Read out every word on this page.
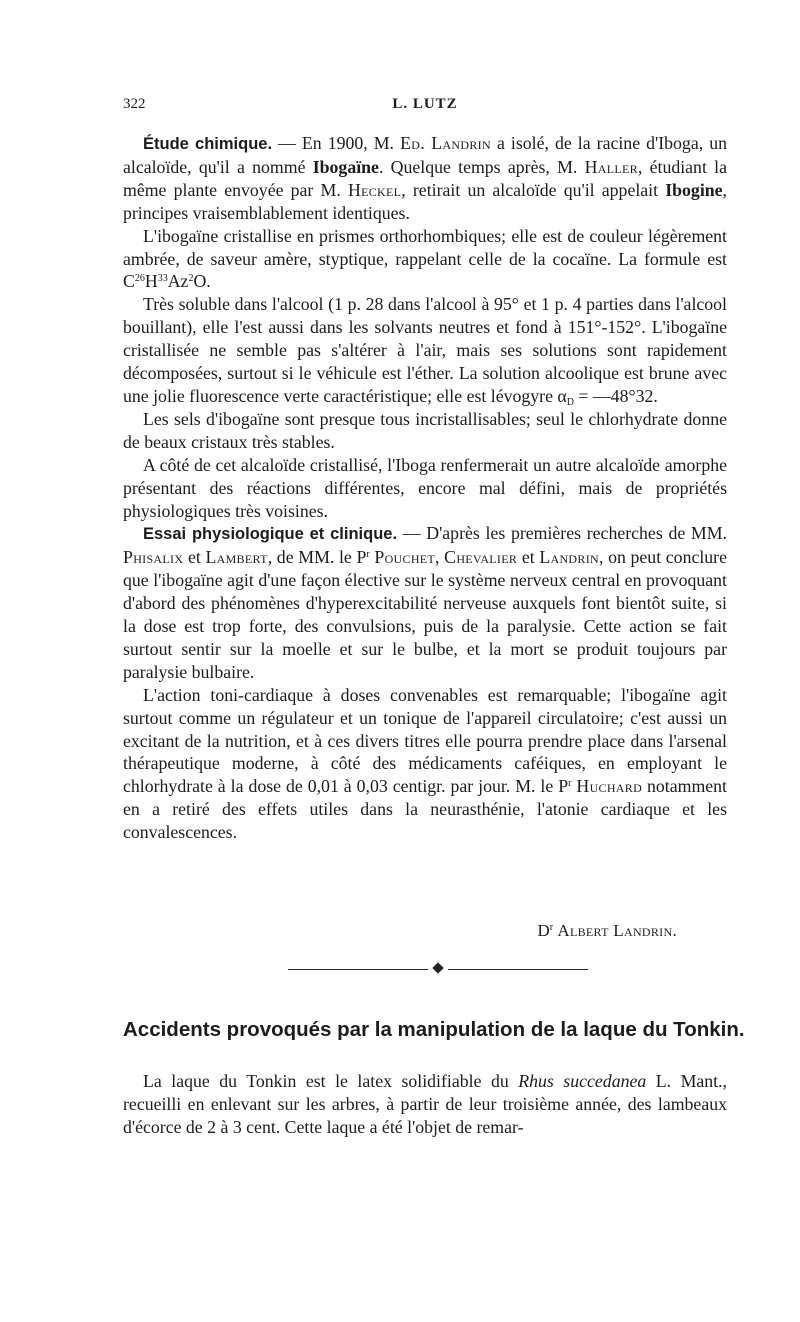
322	L. LUTZ

Étude chimique. — En 1900, M. Ed. Landrin a isolé, de la racine d'Iboga, un alcaloïde, qu'il a nommé Ibogaïne. Quelque temps après, M. Haller, étudiant la même plante envoyée par M. Heckel, retirait un alcaloïde qu'il appelait Ibogine, principes vraisemblablement identiques.

L'ibogaïne cristallise en prismes orthorhombiques; elle est de couleur légèrement ambrée, de saveur amère, styptique, rappelant celle de la cocaïne. La formule est $C^{26}H^{33}Az^2O$.

Très soluble dans l'alcool (1 p. 28 dans l'alcool à 95° et 1 p. 4 parties dans l'alcool bouillant), elle l'est aussi dans les solvants neutres et fond à 151°-152°. L'ibogaïne cristallisée ne semble pas s'altérer à l'air, mais ses solutions sont rapidement décomposées, surtout si le véhicule est l'éther. La solution alcoolique est brune avec une jolie fluorescence verte caractéristique; elle est lévogyre $\alpha_D$ = —48°32.

Les sels d'ibogaïne sont presque tous incristallisables; seul le chlorhydrate donne de beaux cristaux très stables.

A côté de cet alcaloïde cristallisé, l'Iboga renfermerait un autre alcaloïde amorphe présentant des réactions différentes, encore mal défini, mais de propriétés physiologiques très voisines.

Essai physiologique et clinique. — D'après les premières recherches de MM. Phisalix et Lambert, de MM. le $P^r$ Pouchet, Chevalier et Landrin, on peut conclure que l'ibogaïne agit d'une façon élective sur le système nerveux central en provoquant d'abord des phénomènes d'hyperexcitabilité nerveuse auxquels font bientôt suite, si la dose est trop forte, des convulsions, puis de la paralysie. Cette action se fait surtout sentir sur la moelle et sur le bulbe, et la mort se produit toujours par paralysie bulbaire.

L'action toni-cardiaque à doses convenables est remarquable; l'ibogaïne agit surtout comme un régulateur et un tonique de l'appareil circulatoire; c'est aussi un excitant de la nutrition, et à ces divers titres elle pourra prendre place dans l'arsenal thérapeutique moderne, à côté des médicaments caféiques, en employant le chlorhydrate à la dose de 0,01 à 0,03 centigr. par jour. M. le $P^r$ Huchard notamment en a retiré des effets utiles dans la neurasthénie, l'atonie cardiaque et les convalescences.

$D^r$ Albert Landrin.
Accidents provoqués par la manipulation de la laque du Tonkin.

La laque du Tonkin est le latex solidifiable du Rhus succedanea L. Mant., recueilli en enlevant sur les arbres, à partir de leur troisième année, des lambeaux d'écorce de 2 à 3 cent. Cette laque a été l'objet de remar-
